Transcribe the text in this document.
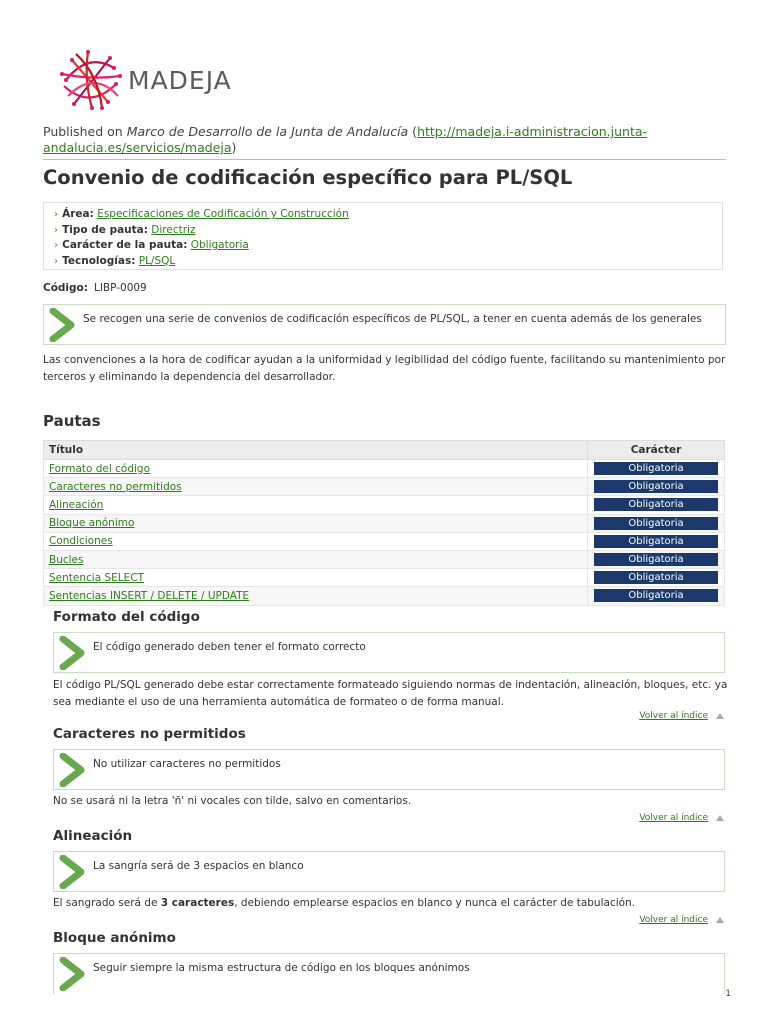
MADEJA
Published on Marco de Desarrollo de la Junta de Andalucía (http://madeja.i-administracion.junta-andalucia.es/servicios/madeja)
Convenio de codificación específico para PL/SQL
› Área: Especificaciones de Codificación y Construcción
› Tipo de pauta: Directriz
› Carácter de la pauta: Obligatoria
› Tecnologías: PL/SQL
Código: LIBP-0009
Se recogen una serie de convenios de codificación específicos de PL/SQL, a tener en cuenta además de los generales
Las convenciones a la hora de codificar ayudan a la uniformidad y legibilidad del código fuente, facilitando su mantenimiento por terceros y eliminando la dependencia del desarrollador.
Pautas
Título	Carácter
Formato del código	Obligatoria

Caracteres no permitidos	Obligatoria

Alineación	Obligatoria

Bloque anónimo	Obligatoria

Condiciones	Obligatoria

Bucles	Obligatoria

Sentencia SELECT	Obligatoria

Sentencias INSERT / DELETE / UPDATE	Obligatoria
Formato del código
El código generado deben tener el formato correcto
El código PL/SQL generado debe estar correctamente formateado siguiendo normas de indentación, alineación, bloques, etc. ya sea mediante el uso de una herramienta automática de formateo o de forma manual.
Volver al índice
Caracteres no permitidos
No utilizar caracteres no permitidos
No se usará ni la letra 'ñ' ni vocales con tilde, salvo en comentarios.
Volver al índice
Alineación
La sangría será de 3 espacios en blanco
El sangrado será de 3 caracteres, debiendo emplearse espacios en blanco y nunca el carácter de tabulación.
Volver al índice
Bloque anónimo
Seguir siempre la misma estructura de código en los bloques anónimos
1
